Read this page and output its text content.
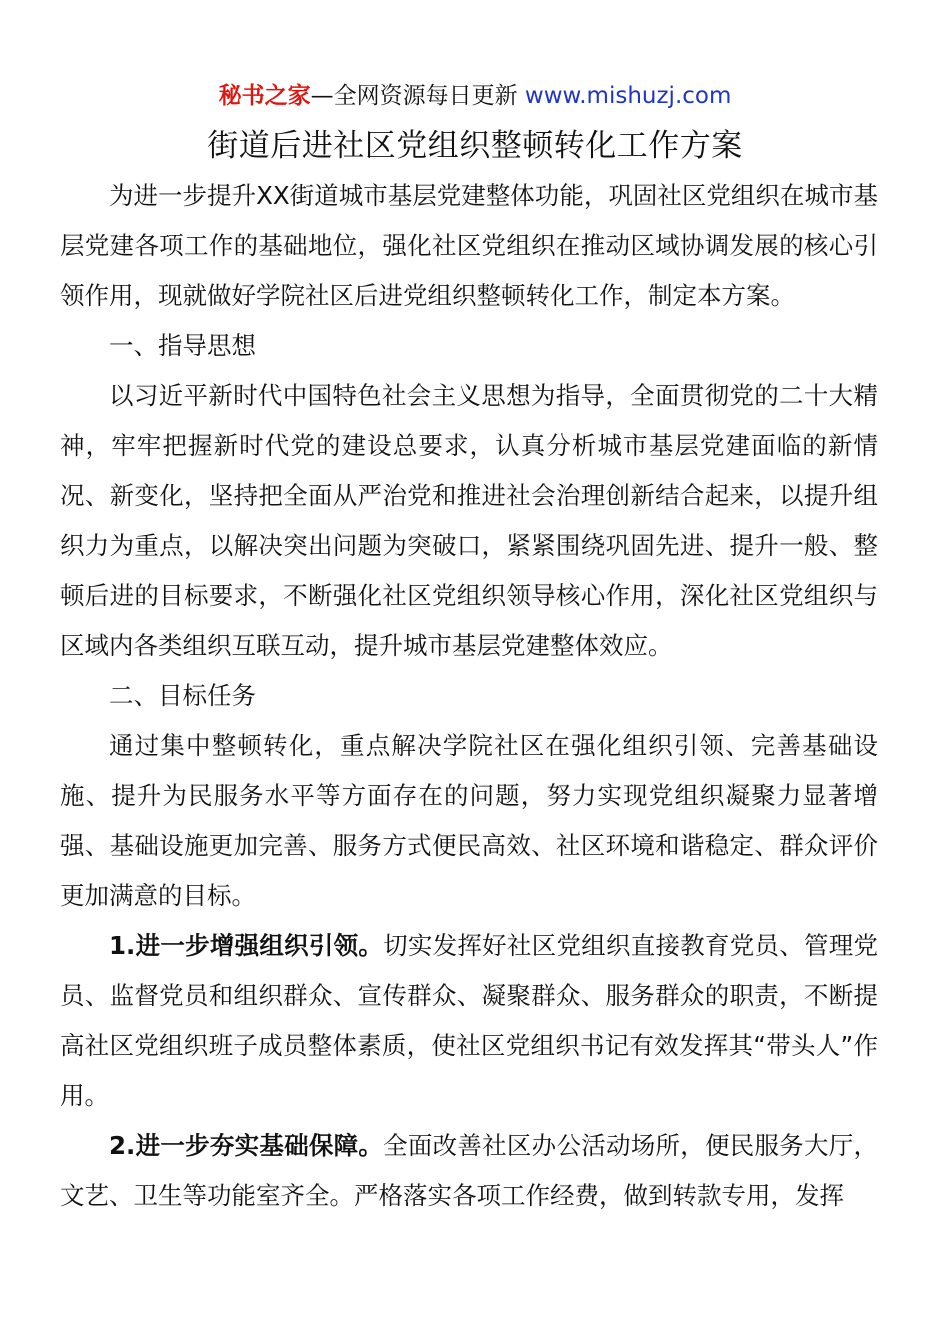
秘书之家—全网资源每日更新 www.mishuzj.com
街道后进社区党组织整顿转化工作方案

为进一步提升XX街道城市基层党建整体功能，巩固社区党组织在城市基层党建各项工作的基础地位，强化社区党组织在推动区域协调发展的核心引领作用，现就做好学院社区后进党组织整顿转化工作，制定本方案。

一、指导思想

以习近平新时代中国特色社会主义思想为指导，全面贯彻党的二十大精神，牢牢把握新时代党的建设总要求，认真分析城市基层党建面临的新情况、新变化，坚持把全面从严治党和推进社会治理创新结合起来，以提升组织力为重点，以解决突出问题为突破口，紧紧围绕巩固先进、提升一般、整顿后进的目标要求，不断强化社区党组织领导核心作用，深化社区党组织与区域内各类组织互联互动，提升城市基层党建整体效应。

二、目标任务

通过集中整顿转化，重点解决学院社区在强化组织引领、完善基础设施、提升为民服务水平等方面存在的问题，努力实现党组织凝聚力显著增强、基础设施更加完善、服务方式便民高效、社区环境和谐稳定、群众评价更加满意的目标。

1.进一步增强组织引领。切实发挥好社区党组织直接教育党员、管理党员、监督党员和组织群众、宣传群众、凝聚群众、服务群众的职责，不断提高社区党组织班子成员整体素质，使社区党组织书记有效发挥其“带头人”作用。

2.进一步夯实基础保障。全面改善社区办公活动场所，便民服务大厅，文艺、卫生等功能室齐全。严格落实各项工作经费，做到转款专用，发挥
